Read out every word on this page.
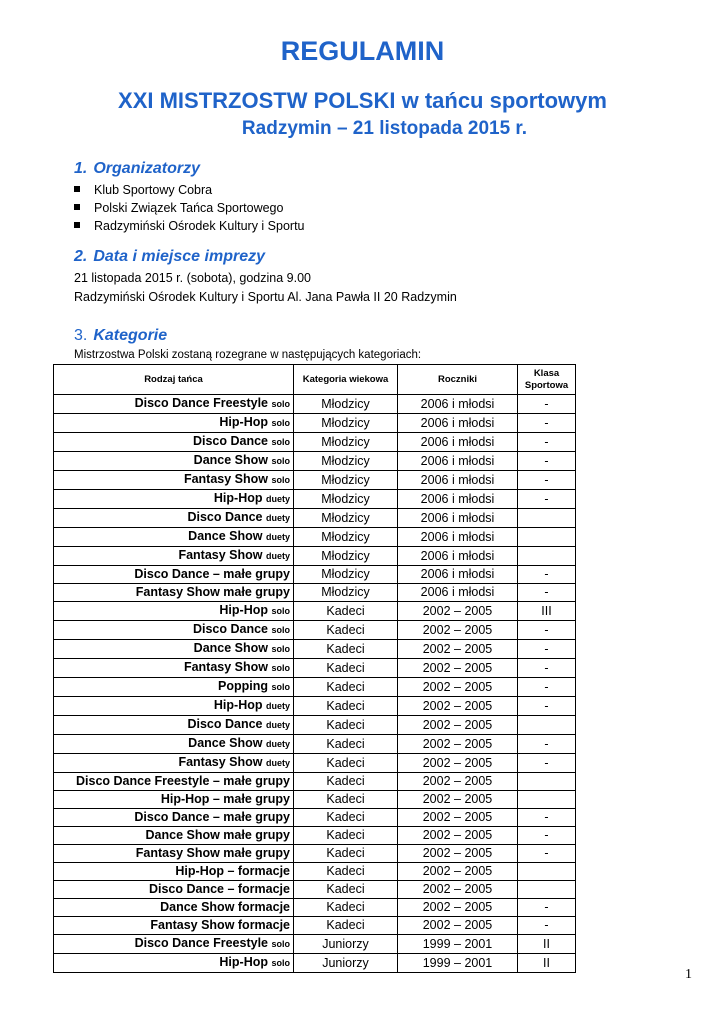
REGULAMIN
XXI MISTRZOSTW POLSKI w tańcu sportowym
Radzymin – 21 listopada 2015 r.
1. Organizatorzy
Klub Sportowy Cobra
Polski Związek Tańca Sportowego
Radzymiński Ośrodek Kultury i Sportu
2. Data i miejsce imprezy
21 listopada 2015 r. (sobota), godzina 9.00
Radzymiński Ośrodek Kultury i Sportu Al. Jana Pawła II 20 Radzymin
3. Kategorie
Mistrzostwa Polski zostaną rozegrane w następujących kategoriach:
Rodzaj tańca	Kategoria wiekowa	Roczniki	Klasa Sportowa
Disco Dance Freestyle solo	Młodzicy	2006 i młodsi	-
Hip-Hop solo	Młodzicy	2006 i młodsi	-
Disco Dance solo	Młodzicy	2006 i młodsi	-
Dance Show solo	Młodzicy	2006 i młodsi	-
Fantasy Show solo	Młodzicy	2006 i młodsi	-
Hip-Hop duety	Młodzicy	2006 i młodsi	-
Disco Dance duety	Młodzicy	2006 i młodsi	
Dance Show duety	Młodzicy	2006 i młodsi	
Fantasy Show duety	Młodzicy	2006 i młodsi	
Disco Dance – małe grupy	Młodzicy	2006 i młodsi	-
Fantasy Show małe grupy	Młodzicy	2006 i młodsi	-
Hip-Hop solo	Kadeci	2002 – 2005	III
Disco Dance solo	Kadeci	2002 – 2005	-
Dance Show solo	Kadeci	2002 – 2005	-
Fantasy Show solo	Kadeci	2002 – 2005	-
Popping solo	Kadeci	2002 – 2005	-
Hip-Hop duety	Kadeci	2002 – 2005	-
Disco Dance duety	Kadeci	2002 – 2005	
Dance Show duety	Kadeci	2002 – 2005	-
Fantasy Show duety	Kadeci	2002 – 2005	-
Disco Dance Freestyle – małe grupy	Kadeci	2002 – 2005	
Hip-Hop – małe grupy	Kadeci	2002 – 2005	
Disco Dance – małe grupy	Kadeci	2002 – 2005	-
Dance Show małe grupy	Kadeci	2002 – 2005	-
Fantasy Show małe grupy	Kadeci	2002 – 2005	-
Hip-Hop – formacje	Kadeci	2002 – 2005	
Disco Dance – formacje	Kadeci	2002 – 2005	
Dance Show formacje	Kadeci	2002 – 2005	-
Fantasy Show formacje	Kadeci	2002 – 2005	-
Disco Dance Freestyle solo	Juniorzy	1999 – 2001	II
Hip-Hop solo	Juniorzy	1999 – 2001	II
1
